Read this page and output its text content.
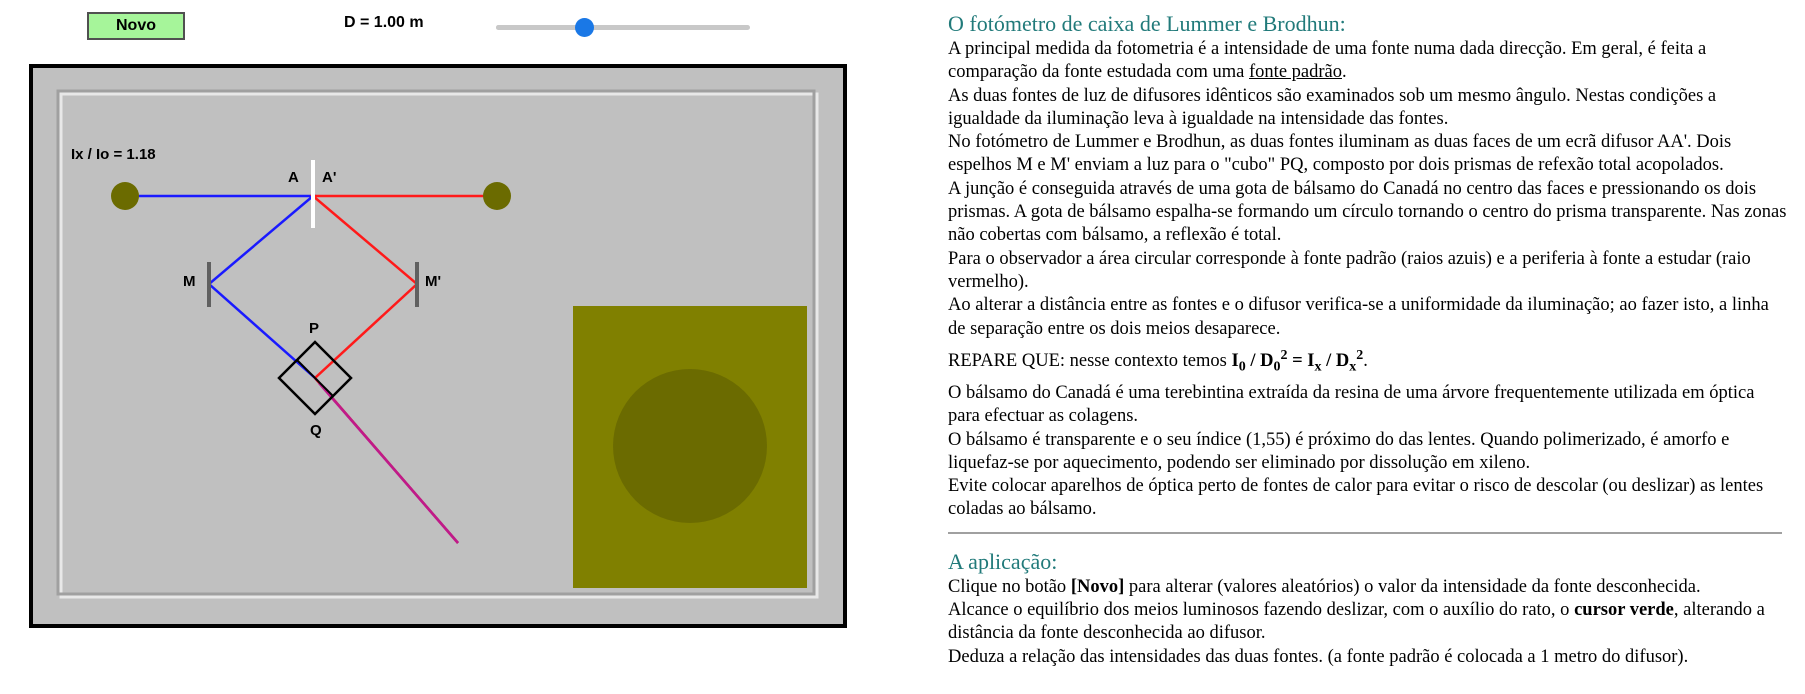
Novo	D = 1.00 m
Ix / Io = 1.18
A A'
M	M'
P
Q
O fotómetro de caixa de Lummer e Brodhun:

A principal medida da fotometria é a intensidade de uma fonte numa dada direcção. Em geral, é feita a comparação da fonte estudada com uma fonte padrão.

As duas fontes de luz de difusores idênticos são examinados sob um mesmo ângulo. Nestas condições a igualdade da iluminação leva à igualdade na intensidade das fontes.

No fotómetro de Lummer e Brodhun, as duas fontes iluminam as duas faces de um ecrã difusor AA'. Dois espelhos M e M' enviam a luz para o "cubo" PQ, composto por dois prismas de refexão total acopolados.

A junção é conseguida através de uma gota de bálsamo do Canadá no centro das faces e pressionando os dois prismas. A gota de bálsamo espalha-se formando um círculo tornando o centro do prisma transparente. Nas zonas não cobertas com bálsamo, a reflexão é total.

Para o observador a área circular corresponde à fonte padrão (raios azuis) e a periferia à fonte a estudar (raio vermelho).

Ao alterar a distância entre as fontes e o difusor verifica-se a uniformidade da iluminação; ao fazer isto, a linha de separação entre os dois meios desaparece.

REPARE QUE: nesse contexto temos $I_0 / D_0^2 = I_x / D_x^2$.

O bálsamo do Canadá é uma terebintina extraída da resina de uma árvore frequentemente utilizada em óptica para efectuar as colagens.

O bálsamo é transparente e o seu índice (1,55) é próximo do das lentes. Quando polimerizado, é amorfo e liquefaz-se por aquecimento, podendo ser eliminado por dissolução em xileno.

Evite colocar aparelhos de óptica perto de fontes de calor para evitar o risco de descolar (ou deslizar) as lentes coladas ao bálsamo.

A aplicação:

Clique no botão [Novo] para alterar (valores aleatórios) o valor da intensidade da fonte desconhecida.

Alcance o equilíbrio dos meios luminosos fazendo deslizar, com o auxílio do rato, o cursor verde, alterando a distância da fonte desconhecida ao difusor.

Deduza a relação das intensidades das duas fontes. (a fonte padrão é colocada a 1 metro do difusor).
